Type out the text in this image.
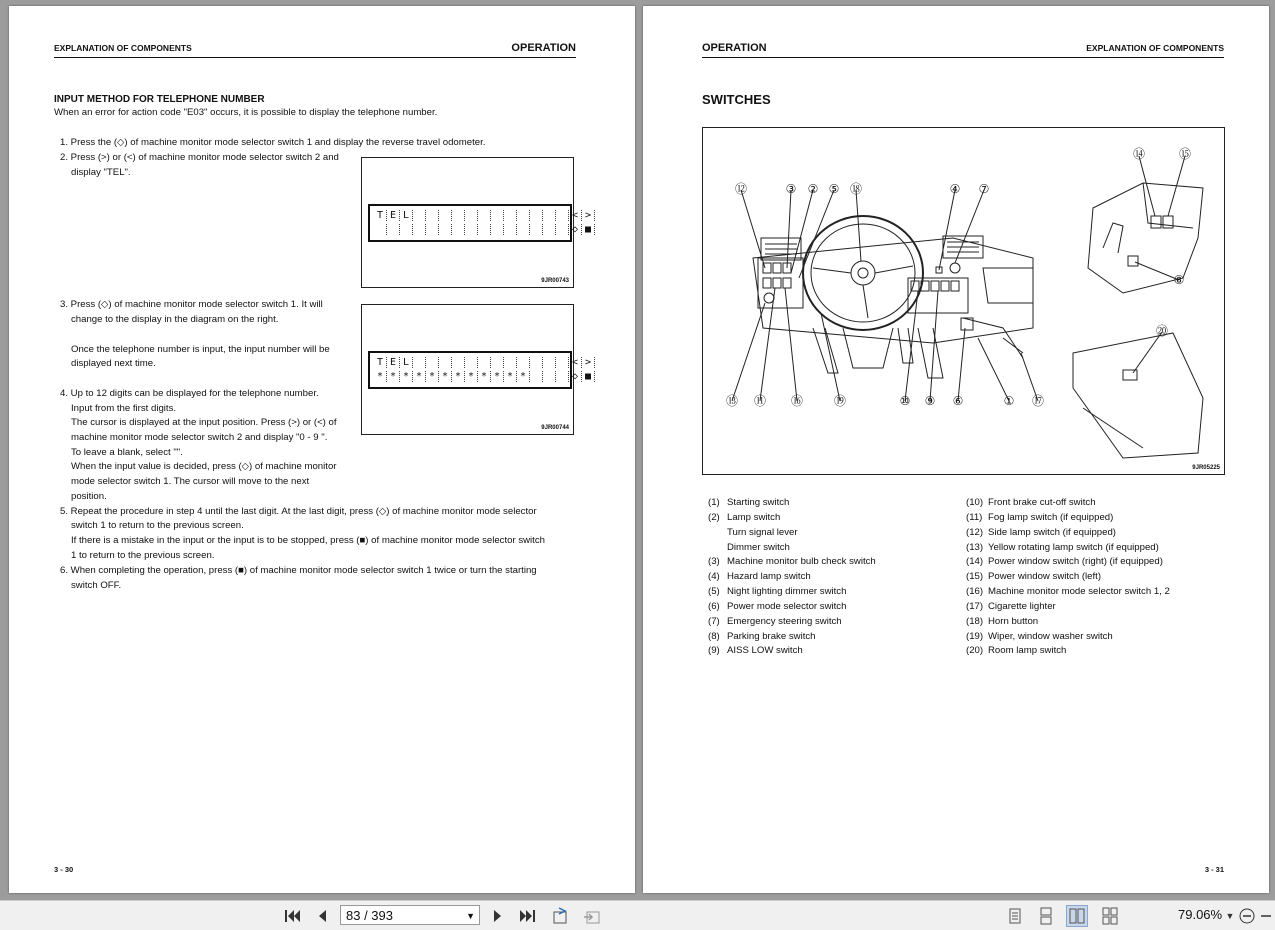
EXPLANATION OF COMPONENTS	OPERATION
INPUT METHOD FOR TELEPHONE NUMBER
When an error for action code "E03" occurs, it is possible to display the telephone number.
1. Press the (◇) of machine monitor mode selector switch 1 and display the reverse travel odometer.
2. Press (>) or (<) of machine monitor mode selector switch 2 and
display "TEL".
3. Press (◇) of machine monitor mode selector switch 1. It will
change to the display in the diagram on the right.
Once the telephone number is input, the input number will be
displayed next time.
4. Up to 12 digits can be displayed for the telephone number.
Input from the first digits.
The cursor is displayed at the input position. Press (>) or (<) of
machine monitor mode selector switch 2 and display "0 - 9 ".
To leave a blank, select "".
When the input value is decided, press (◇) of machine monitor
mode selector switch 1. The cursor will move to the next
position.
5. Repeat the procedure in step 4 until the last digit. At the last digit, press (◇) of machine monitor mode selector
switch 1 to return to the previous screen.
If there is a mistake in the input or the input is to be stopped, press (■) of machine monitor mode selector switch
1 to return to the previous screen.
6. When completing the operation, press (■) of machine monitor mode selector switch 1 twice or turn the starting
switch OFF.
T E L	< >
◇ ■
9JR00743
T E L	< >
* * * * * * * * * * * *	◇ ■
9JR00744
3 - 30
OPERATION	EXPLANATION OF COMPONENTS
SWITCHES
⑫	③ ② ⑤ ⑱	④ ⑦
⑬ ⑪ ⑯	⑲	⑩ ⑨ ⑥	① ⑰
⑭	⑮
⑧
⑳
9JR05225
(1) Starting switch
(2) Lamp switch
Turn signal lever
Dimmer switch
(3) Machine monitor bulb check switch
(4) Hazard lamp switch
(5) Night lighting dimmer switch
(6) Power mode selector switch
(7) Emergency steering switch
(8) Parking brake switch
(9) AISS LOW switch
(10) Front brake cut-off switch
(11) Fog lamp switch (if equipped)
(12) Side lamp switch (if equipped)
(13) Yellow rotating lamp switch (if equipped)
(14) Power window switch (right) (if equipped)
(15) Power window switch (left)
(16) Machine monitor mode selector switch 1, 2
(17) Cigarette lighter
(18) Horn button
(19) Wiper, window washer switch
(20) Room lamp switch
3 - 31
83 / 393	▼	79.06% ▼
